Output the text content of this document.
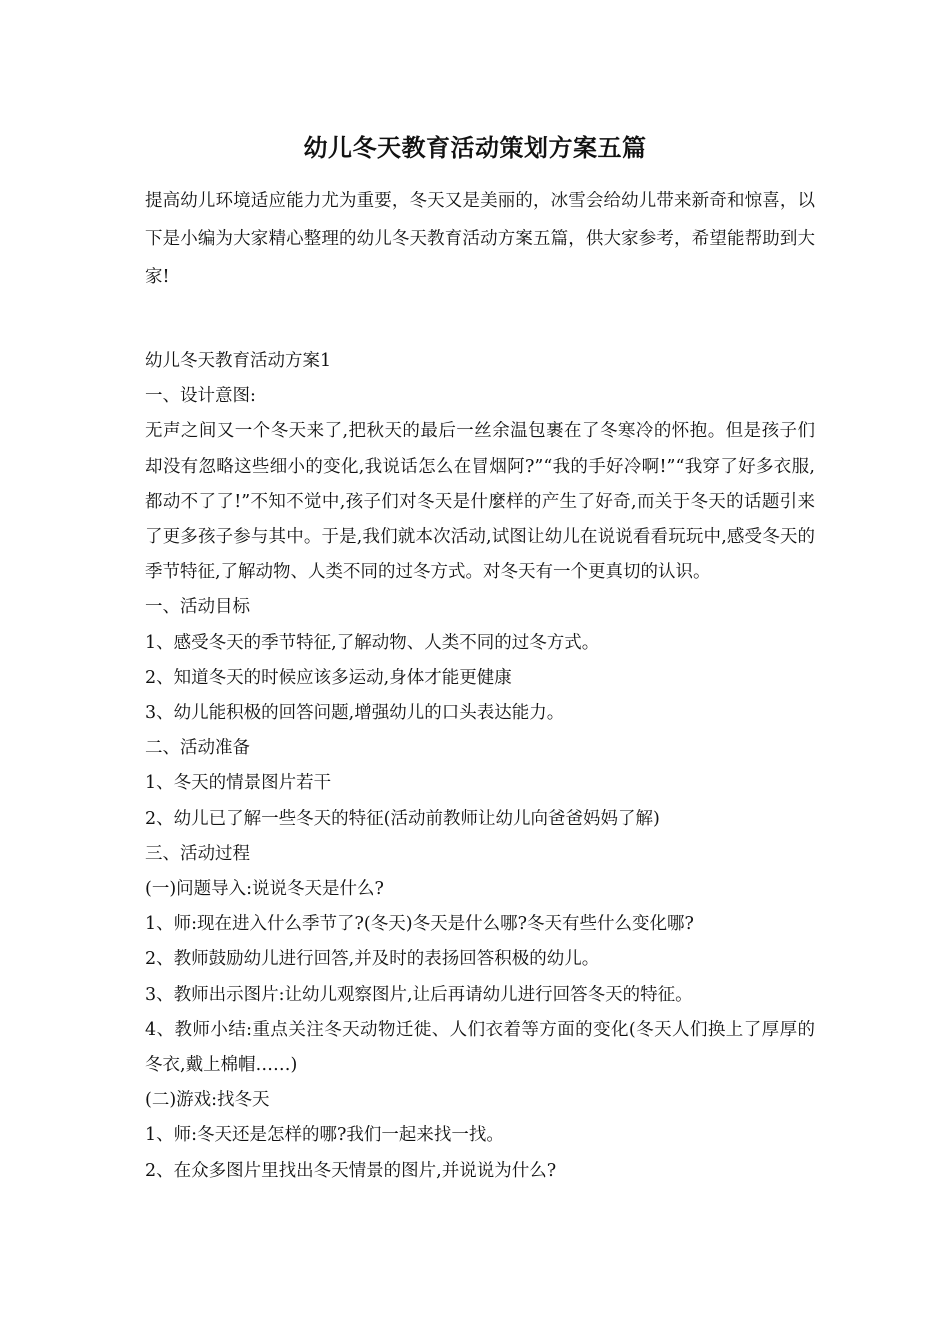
幼儿冬天教育活动策划方案五篇

提高幼儿环境适应能力尤为重要，冬天又是美丽的，冰雪会给幼儿带来新奇和惊喜，以下是小编为大家精心整理的幼儿冬天教育活动方案五篇，供大家参考，希望能帮助到大家!

幼儿冬天教育活动方案1

一、设计意图:

无声之间又一个冬天来了,把秋天的最后一丝余温包裹在了冬寒冷的怀抱。但是孩子们却没有忽略这些细小的变化,我说话怎么在冒烟阿?”“我的手好冷啊!”“我穿了好多衣服,都动不了了!”不知不觉中,孩子们对冬天是什麼样的产生了好奇,而关于冬天的话题引来了更多孩子参与其中。于是,我们就本次活动,试图让幼儿在说说看看玩玩中,感受冬天的季节特征,了解动物、人类不同的过冬方式。对冬天有一个更真切的认识。

一、活动目标

1、感受冬天的季节特征,了解动物、人类不同的过冬方式。

2、知道冬天的时候应该多运动,身体才能更健康

3、幼儿能积极的回答问题,增强幼儿的口头表达能力。

二、活动准备

1、冬天的情景图片若干

2、幼儿已了解一些冬天的特征(活动前教师让幼儿向爸爸妈妈了解)

三、活动过程

(一)问题导入:说说冬天是什么?

1、师:现在进入什么季节了?(冬天)冬天是什么哪?冬天有些什么变化哪?

2、教师鼓励幼儿进行回答,并及时的表扬回答积极的幼儿。

3、教师出示图片:让幼儿观察图片,让后再请幼儿进行回答冬天的特征。

4、教师小结:重点关注冬天动物迁徙、人们衣着等方面的变化(冬天人们换上了厚厚的冬衣,戴上棉帽……)

(二)游戏:找冬天

1、师:冬天还是怎样的哪?我们一起来找一找。

2、在众多图片里找出冬天情景的图片,并说说为什么?
